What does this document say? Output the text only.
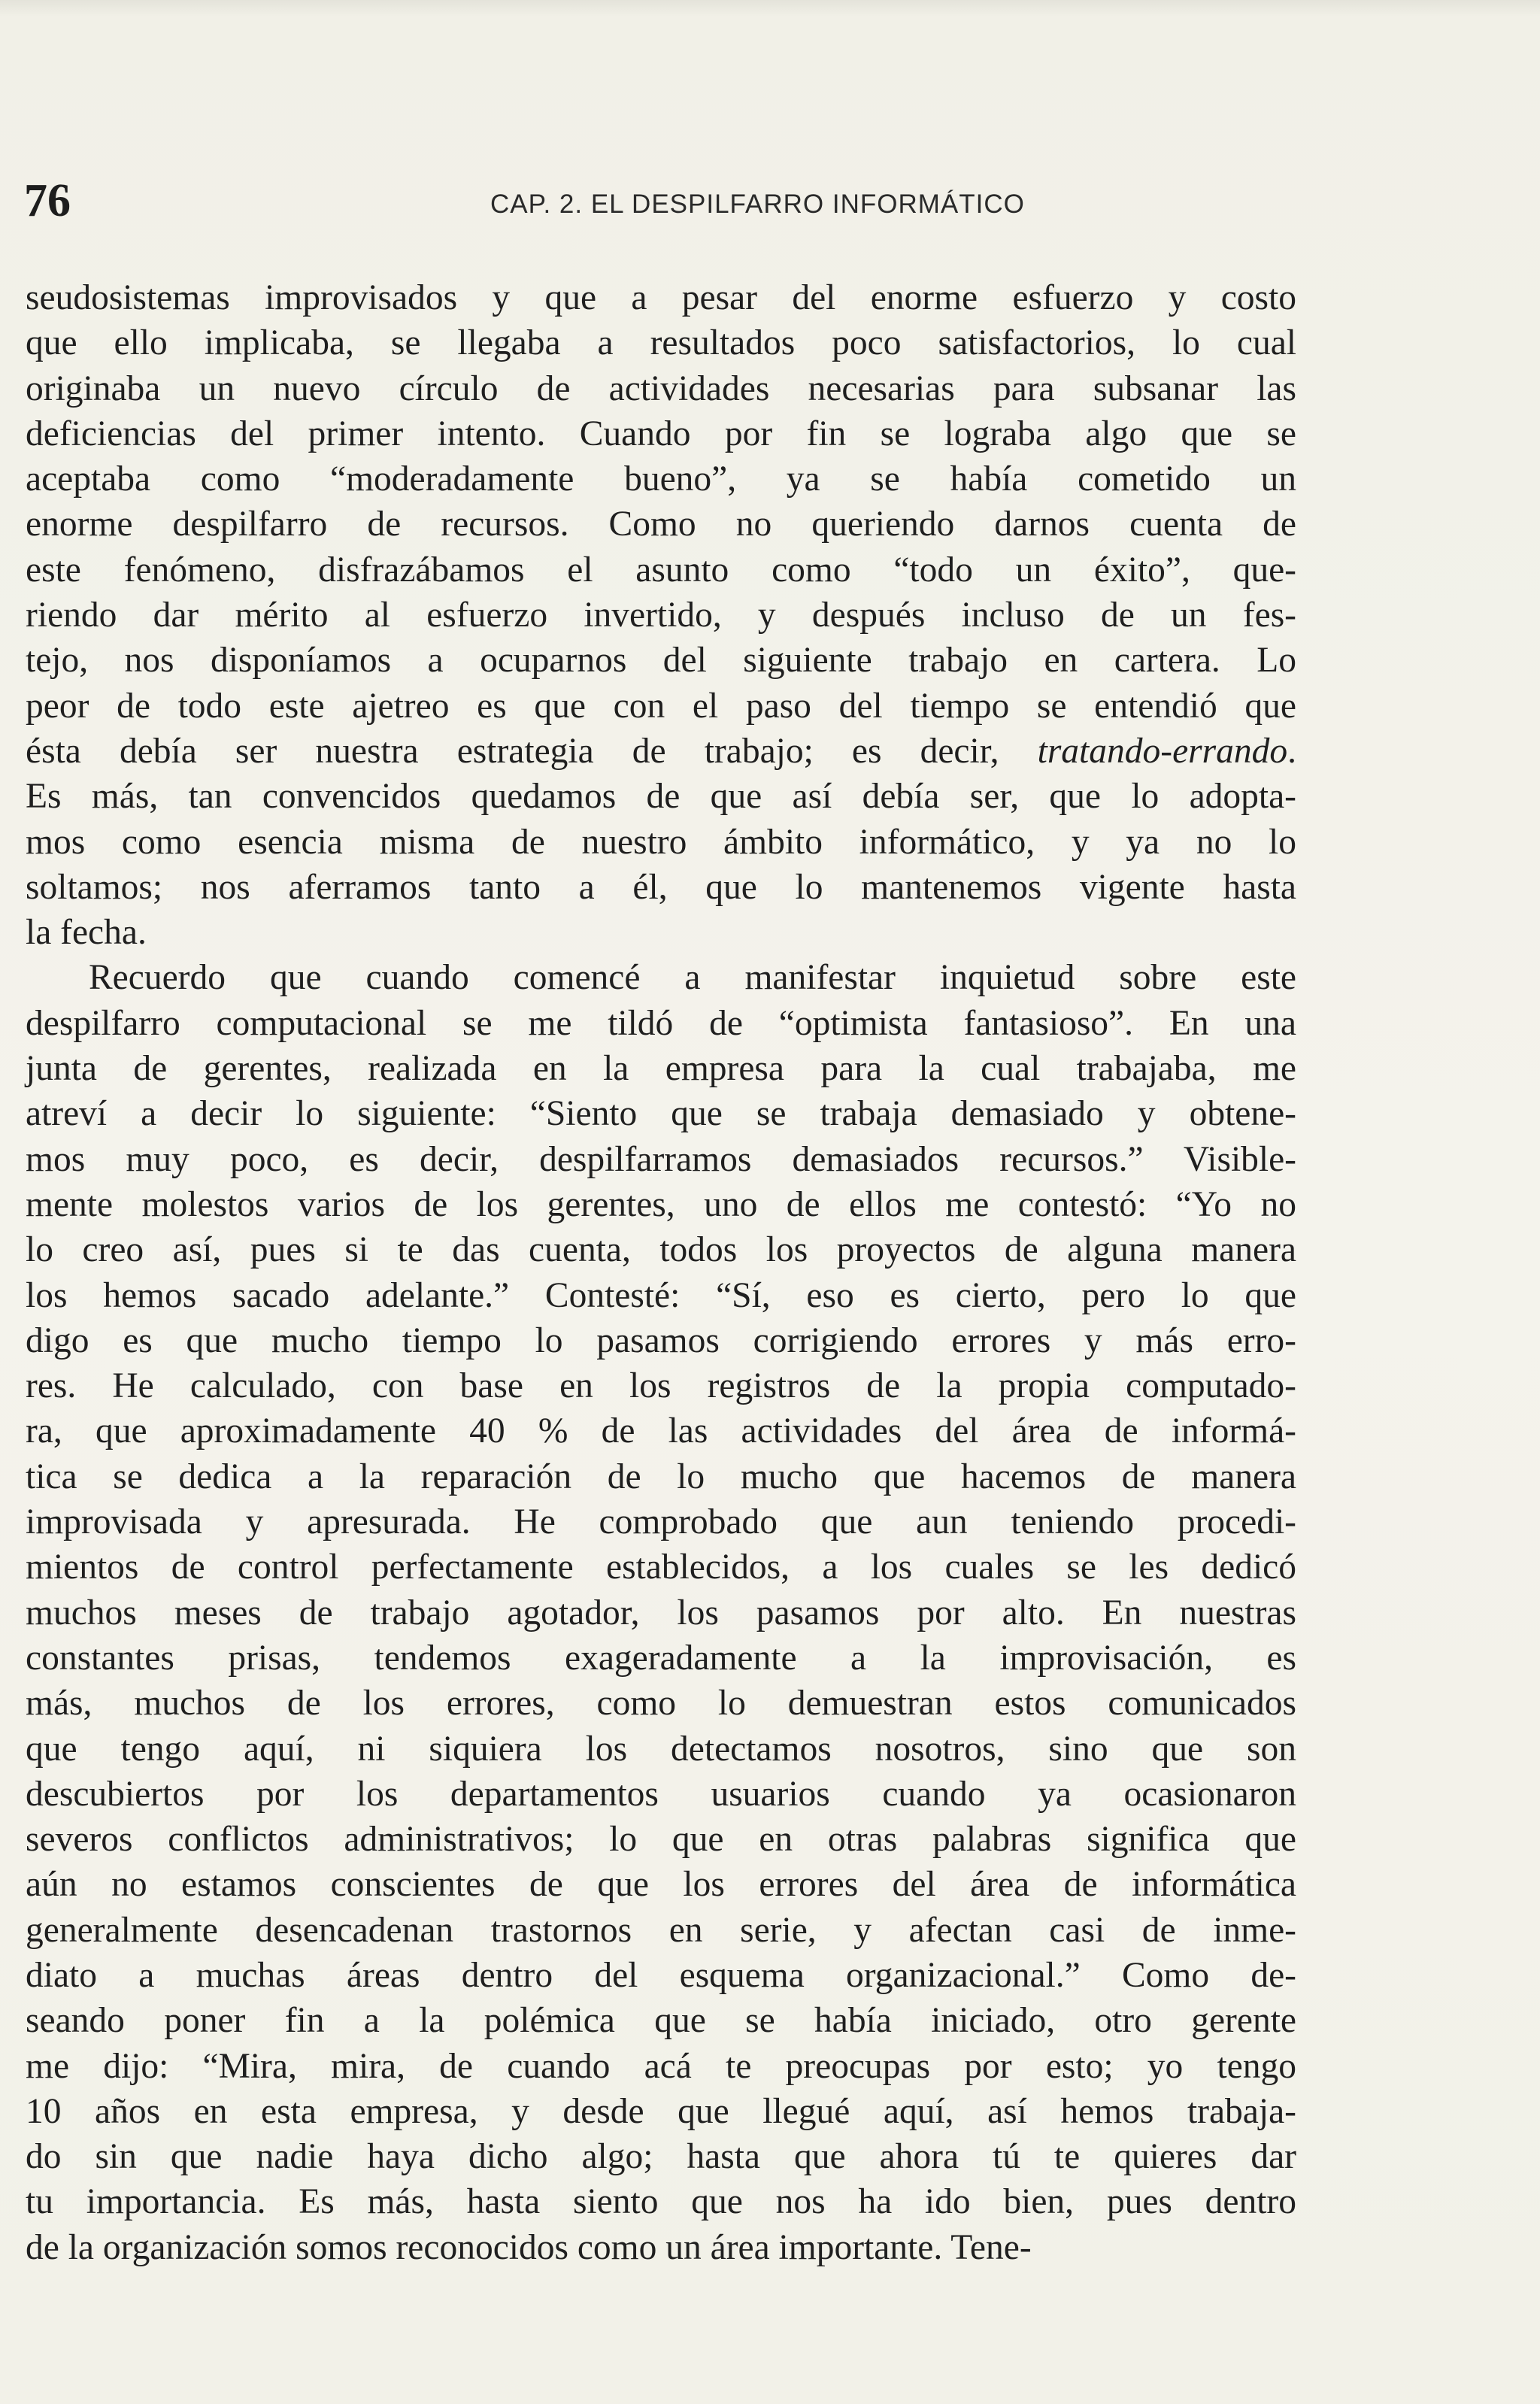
76	CAP. 2. EL DESPILFARRO INFORMÁTICO
seudosistemas improvisados y que a pesar del enorme esfuerzo y costo
que ello implicaba, se llegaba a resultados poco satisfactorios, lo cual
originaba un nuevo círculo de actividades necesarias para subsanar las
deficiencias del primer intento. Cuando por fin se lograba algo que se
aceptaba como “moderadamente bueno”, ya se había cometido un
enorme despilfarro de recursos. Como no queriendo darnos cuenta de
este fenómeno, disfrazábamos el asunto como “todo un éxito”, que-
riendo dar mérito al esfuerzo invertido, y después incluso de un fes-
tejo, nos disponíamos a ocuparnos del siguiente trabajo en cartera. Lo
peor de todo este ajetreo es que con el paso del tiempo se entendió que
ésta debía ser nuestra estrategia de trabajo; es decir, tratando-errando.
Es más, tan convencidos quedamos de que así debía ser, que lo adopta-
mos como esencia misma de nuestro ámbito informático, y ya no lo
soltamos; nos aferramos tanto a él, que lo mantenemos vigente hasta
la fecha.
Recuerdo que cuando comencé a manifestar inquietud sobre este
despilfarro computacional se me tildó de “optimista fantasioso”. En una
junta de gerentes, realizada en la empresa para la cual trabajaba, me
atreví a decir lo siguiente: “Siento que se trabaja demasiado y obtene-
mos muy poco, es decir, despilfarramos demasiados recursos.” Visible-
mente molestos varios de los gerentes, uno de ellos me contestó: “Yo no
lo creo así, pues si te das cuenta, todos los proyectos de alguna manera
los hemos sacado adelante.” Contesté: “Sí, eso es cierto, pero lo que
digo es que mucho tiempo lo pasamos corrigiendo errores y más erro-
res. He calculado, con base en los registros de la propia computado-
ra, que aproximadamente 40 % de las actividades del área de informá-
tica se dedica a la reparación de lo mucho que hacemos de manera
improvisada y apresurada. He comprobado que aun teniendo procedi-
mientos de control perfectamente establecidos, a los cuales se les dedicó
muchos meses de trabajo agotador, los pasamos por alto. En nuestras
constantes prisas, tendemos exageradamente a la improvisación, es
más, muchos de los errores, como lo demuestran estos comunicados
que tengo aquí, ni siquiera los detectamos nosotros, sino que son
descubiertos por los departamentos usuarios cuando ya ocasionaron
severos conflictos administrativos; lo que en otras palabras significa que
aún no estamos conscientes de que los errores del área de informática
generalmente desencadenan trastornos en serie, y afectan casi de inme-
diato a muchas áreas dentro del esquema organizacional.” Como de-
seando poner fin a la polémica que se había iniciado, otro gerente
me dijo: “Mira, mira, de cuando acá te preocupas por esto; yo tengo
10 años en esta empresa, y desde que llegué aquí, así hemos trabaja-
do sin que nadie haya dicho algo; hasta que ahora tú te quieres dar
tu importancia. Es más, hasta siento que nos ha ido bien, pues dentro
de la organización somos reconocidos como un área importante. Tene-
